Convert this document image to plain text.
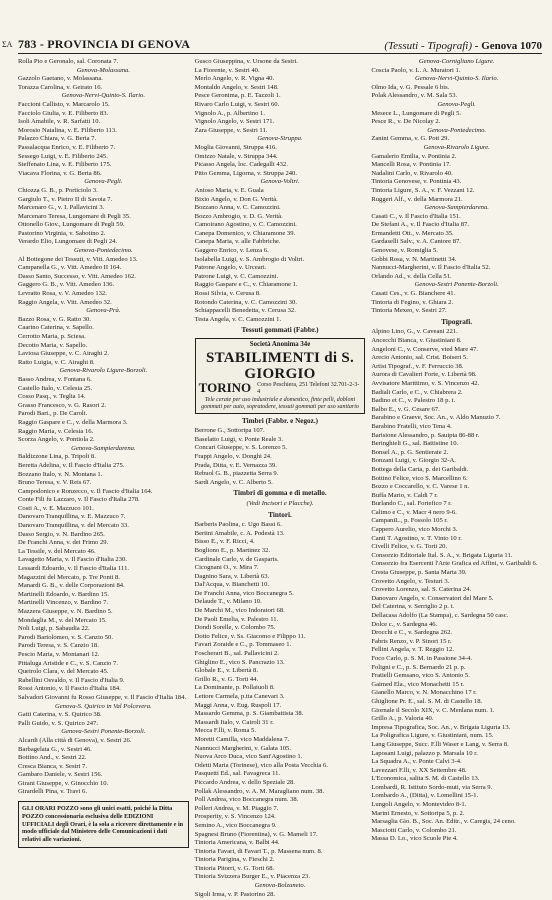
ΣA 783 - PROVINCIA DI GENOVA	(Tessuti - Tipografi) - Genova 1070
Rolla Pio e Geronalo, sal. Coronata 7.
Genova-Molassana.
Gazzolo Gaetano, v. Molassana.
Torazza Carolina, v. Geirato 16.
Genova-Nervi-Quinto-S. Ilario.
Faccioni Callisto, v. Marcarolo 15.
Facciolo Giulia, v. E. Filiberto 83.
Isoli Amabile, v. R. Sarfatti 10.
Morosio Natalina, v. E. Filiberto 113.
Palazzo Chiara, v. G. Berta 7.
Passalacqua Enrico, v. E. Filiberto 7.
Sessego Luigi, v. E. Filiberto 245.
Steffenato Lina, v. E. Filiberto 175.
Viacava Florina, v. G. Berta 86.
Genova-Pegli.
Chiozza G. B., p. Porticiolo 3.
Gargiulo T., v. Pietro II di Savoia 7.
Marcenaro G., v. I. Pallavicini 3.
Marcenaro Teresa, Lungomare di Pegli 35.
Ottonello Giov., Lungomare di Pegli 59.
Pastorino Virginia, v. Sabotino 2.
Verardo Elio, Lungomare di Pegli 24.
Genova-Pontedecimo.
Al Bottegone dei Tessuti, v. Vitt. Amedeo 13.
Campanella G., v. Vitt. Amedeo II 164.
Dasso Santo, Successo, v. Vitt. Amedeo 162.
Gaggero G. B., v. Vitt. Amedeo 136.
Levratto Rosa, v. V. Amedeo 132.
Raggio Angela, v. Vitt. Amedeo 32.
Genova-Prà.
Bazzo Rosa, v. G. Ratto 30.
Caarino Caterina, v. Sapello.
Cerrotto Maria, p. Sciesa.
Decotto Maria, v. Sapello.
Laviosa Giuseppe, v. C. Airaghi 2.
Ratto Luigia, v. C. Airaghi 8.
Genova-Rivarolo Ligure-Borzoli.
Basso Andrea, v. Fontana 6.
Castello Italo, v. Celesia 25.
Cosso Pasq., v. Teglia 14.
Grasso Francesco, v. G. Rasori 2.
Parodi Bart., p. De Caroli.
Raggio Gaspare e C., v. della Marmora 3.
Raggio Maria, v. Celesia 16.
Scorza Angelo, v. Pontiola 2.
Genova-Sampierdarena.
Baldizzone Lina, p. Tripoli 8.
Beretta Adelina, v. Il Fascio d'Italia 275.
Bozzano Italo, v. N. Montana 1.
Bruno Teresa, v. V. Reis 67.
Campodonico e Ronzecco, v. Il Fascio d'Italia 164.
Conte Fili fu Lazzaro, v. Il Fascio d'Italia 278.
Costi A., v. E. Mazzuco 101.
Danovaro Tranquillina, v. E. Mazzuco 7.
Danovaro Tranquillina, v. del Mercato 33.
Dasso Sergio, v. N. Bardino 265.
De Franchi Anna, v. dei Frimo 29.
La Tessile, v. del Mercato 46.
Lavagetto Maria, v. Il Fascio d'Italia 230.
Lessardi Edoardo, v. Il Fascio d'Italia 111.
Magazzini del Mercato, p. Tre Ponti 8.
Manardi G. B., v. delle Corporazioni 84.
Martinelli Edoardo, v. Bardino 15.
Martinelli Vincenzo, v. Bardino 7.
Mazzera Giuseppe, v. N. Bardino 5.
Mondaglia M., v. del Mercato 15.
Noli Luigi, p. Sabaudia 22.
Parodi Bartolomeo, v. S. Canzio 50.
Parodi Teresa, v. S. Canzio 18.
Pescio Maria, v. Montanari 12.
Pittaluga Aristide e C., v. S. Canzio 7.
Queirolo Clara, v. del Mercato 45.
Rabellini Osvaldo, v. Il Fascio d'Italia 9.
Rossi Antonio, v. Il Fascio d'Italia 184.
Salvadori Giovanni fu Rosso Giuseppe, v. Il Fascio d'Italia 184.
Genova-S. Quirico in Val Polcevera.
Gatti Caterina, v. S. Quirico 38.
Palli Guido, v. S. Quirico 247.
Genova-Sestri Ponente-Borzoli.
Alcardi (Alla città di Genova), v. Sestri 26.
Barbagelata G., v. Sestri 46.
Bottino And., v. Sestri 22.
Cresca Bianca, v. Sestri 7.
Gambaro Daniele, v. Sestri 156.
Girani Giuseppe, v. Ginocchio 10.
Girardelli Pina, v. Travi 6.
GLI ORARI POZZO sono gli unici esatti, poiché la Ditta POZZO concessionaria esclusiva delle EDIZIONI UFFICIALI degli Orari, è la sola a ricevere direttamente e in modo ufficiale dal Ministero delle Comunicazioni i dati relativi alle variazioni.
Gusco Giuseppina, v. Ursone da Sestri.
La Fiorente, v. Sestri 40.
Merlo Angelo, v. R. Vigna 40.
Montaldo Angelo, v. Sestri 148.
Pesce Geronima, p. E. Tazzoli 1.
Rivaro Carlo Luigi, v. Sestri 60.
Vignolo A., p. Albertino 1.
Vignolo Angelo, v. Sestri 171.
Zara Giuseppe, v. Sestri 11.
Genova-Struppa.
Moglia Giovanni, Struppa 416.
Omizzo Natale, v. Struppa 344.
Picasso Angela, loc. Cadegalli 432.
Pitto Gemma, Ligorna, v. Struppa 240.
Genova-Voltri.
Antoso Maria, v. E. Guala
Bixio Angelo, v. Don G. Verità.
Bozzano Anna, v. C. Camozzini.
Bozzo Ambrogio, v. D. G. Verità.
Camoirano Agostino, v. C. Camozzini.
Canepa Domenico, v. Chiaramone 39.
Canepa Maria, v. alle Fabbriche.
Gaggero Enrico, v. Lenza 6.
Isolabella Luigi, v. S. Ambrogio di Voltri.
Patrone Angelo, v. Urceari.
Patrone Luigi, v. C. Camozzini.
Raggio Gaspare e C., v. Chiaramone 1.
Rossi Silvia, v. Cerusa 8.
Rotondo Caterina, v. C. Camozzini 30.
Schiappacelli Benedetta, v. Cerusa 32.
Testa Angela, v. C. Camozzini 1.
Tessuti gommati (Fabbr.)
Società Anonima 34e
STABILIMENTI di S. GIORGIO
TORINO Corso Peschiera, 251 Telefoni 32.701-2-3-4
Tele cerate per uso industriale e domestico, finte pelli, dobloni gommati per auto, sopratodere, tessuti gommati per uso sanitario
Timbri (Fabbr. e Negoz.)
Berrone G., Sottoripa 107.
Baselatto Luigi, v. Ponte Reale 3.
Concari Giuseppe, v. S. Lorenzo 5.
Frappi Angelo, v. Donghi 24.
Prada, Ditta, v. E. Vernazza 39.
Rebuol G. B., piazzetta Serra 9.
Sardi Angelo, v. C. Alberto 5.
Timbri di gomma e di metallo.
(Vedi Incisori e Placche).
Tintori.
Barberis Paolina, c. Ugo Bassi 6.
Bertini Amabile, c. A. Podestà 13.
Bisso E., v. F. Ricci, 4.
Bogliono E., p. Martinez 32.
Cardinale Carlo, v. de Gasparis.
Cicognani O., v. Mira 7.
Dagnino Sara, v. Libertà 63.
Dal'Acqua, v. Bianchetti 10.
De Franchi Anna, vico Boccanegra 5.
Delaude T., v. Milano 10.
De Marchi M., vico Indoratori 68.
De Paoli Emelia, v. Palestro 11.
Dondi Sorelle, v. Colombo 75.
Dotto Felice, v. Ss. Giacomo e Filippo 11.
Favari Zoraide e C., p. Tommaseo 1.
Foscherari B., sal. Pallavicini 2.
Ghiglino E., vico S. Pancrazio 13.
Globale E., v. Libertà 8.
Grillo R., v. G. Torti 44.
La Dominante, p. Pollaiuoli 8.
Lettore Carmela, p.tta Canevari 3.
Maggi Anna, v. Eug. Ruspoli 17.
Massardo Gemma, p. S. Giambattista 38.
Massardi Italo, v. Cairoli 31 r.
Mecca F.lli, v. Roma 5.
Moretti Camilla, vico Maddalena 7.
Nannucci Margherini, v. Galata 105.
Nuova Arco Duca, vico Sant'Agostino 1.
Odetti Maria (Torinese), vico alla Posta Vecchia 6.
Pasquetti Ed., sal. Favagreca 11.
Piccardo Andrea, v. dello Speziale 28.
Pollak Alessandro, v. A. M. Maragliano num. 38.
Poll Andrea, vico Boccanegra num. 38.
Polleri Andrea, v. M. Piaggio 7.
Prosperity, v. S. Vincenzo 124.
Semino A., vico Boccanegra 9.
Spagnesi Bruno (Fiorentina), v. G. Mameli 17.
Tintoria Americana, v. Balbi 44.
Tintoria Favari, di Favari T., p. Massena num. 8.
Tintoria Parigina, v. Fieschi 2.
Tintoria Pitorri, v. G. Torti 68.
Tintoria Svizzera Burger E., v. Piacenza 23.
Genova-Bolzaneto.
Sigoli Irma, v. P. Pastorino 28.
Genova-Cornigliano Ligure.
Coscia Paolo, v. L. A. Muratori 1.
Genova-Nervi-Quinto-S. Ilario.
Olmo Ida, v. G. Pessale 6 bis.
Polak Alessandro, v. M. Sala 53.
Genova-Pegli.
Mesece L., Lungomare di Pegli 5.
Pesce R., v. De Nicolay 2.
Genova-Pontedecimo.
Zanini Gemma, v. G. Pott 29.
Genova-Rivarolo Ligure.
Gamalerio Emilia, v. Pontinia 2.
Mancelli Rosa, v. Pontinia 17.
Nadalini Carlo, v. Rivarolo 40.
Tintoria Genovese, v. Pontinia 43.
Tintoria Ligure, S. A., v. F. Vezzani 12.
Ruggeri Alf., v. della Marmora 21.
Genova-Sampierdarena.
Casati C., v. Il Fascio d'Italia 151.
De Stefani A., v. Il Fascio d'Italia 87.
Ermandetti Ott., v. Mercato 35.
Gardaselli Salv., v. A. Cantore 87.
Genovese, v. Romiglia 5.
Gobbi Rosa, v. N. Martinetti 34.
Nannucci-Margherini, v. Il Fascio d'Italia 52.
Orlando Ad., v. della Cella 51.
Genova-Sestri Ponente-Borzoli.
Casati Ces., v. G. Bianchere 41.
Tintoria di Fegino, v. Ghiara 2.
Tintoria Mexeo, v. Sestri 27.
Tipografi.
Alpino Lino, G., v. Caveani 221.
Ancecchi Bianca, v. Giustiniani 8.
Angeloni C., v. Conserve, vied Mare 47.
Arecio Antonio, sal. Crist. Boiseri 5.
Artist Tipograf., v. F. Ferruccio 38.
Aurora di Cavalieri Forte, v. Libertà 98.
Avvisatore Marittimo, v. S. Vincenzo 42.
Badiali Carlo, e C., v. Chiabrera 2.
Badino et C., v. Palestro 18 p. t.
Balbo E., v. G. Cesare 67.
Barabino e Graeve, Soc. An., v. Aldo Manuzio 7.
Barabino Fratelli, vico Tena 4.
Barisione Alessandro, p. Sauipta 86-88 r.
Beringhieli G., sal. Battistine 10.
Bonsel A., p. G. Sentierate 2.
Bonzani Luigi, v. Giorgio 32-A.
Bottega della Carta, p. dei Garibaldi.
Bottino Felice, vico S. Marcellino 6.
Bozzo e Coccarello, v. C. Varese 1 n.
Buffa Mario, v. Caldi 7 r.
Burlando C., sal. Fortefico 7 r.
Calimo e C., v. Macr 4 nero 9-6.
CampaniL., p. Fossolo 105 r.
Cappero Aurelio, vico Morchi 3.
Canti T. Agostino, v. T. Vinto 10 r.
Civelli Felice, v. G. Torti 20.
Consorzio Editoriale Ital. S. A., v. Brigata Liguria 11.
Consorzio fra Esercenti l'Arte Grafica ed Affini, v. Garibaldi 6.
Cresta Giuseppe, p. Santa Marta 39.
Crovetto Angelo, v. Testuri 3.
Crovetto Lorenzo, sal. S. Caterina 24.
Danovaro Angelo, v. Conservatori del Mare 5.
Del Caterina, v. Serriglio 2 p. t.
Dellacasa Adolfo (La Stampa), c. Sardegna 50 casc.
Dolce c., v. Sardegna 46.
Drocchi e C., v. Sardegna 262.
Fabris Renzo, v. P. Sinori 15 r.
Fellini Angela, v. T. Reggio 12.
Foco Carlo, p. S. M. in Passione 34-4.
Foligni e C., p. S. Bernardo 21 p. p.
Fratielli Gemsano, vico S. Antonio 5.
Gaimed Ela., vico Monachetti 15 r.
Gianello Marco, v. N. Monacchino 17 r.
Ghiglione Pr. E., sal. S. M. di Castello 18.
Giornale il Secolo XIX, v. C. Menlana num. 1.
Grillo A., p. Valoria 40.
Impresa Tipografica, Soc. An., v. Brigata Liguria 13.
La Poligrafica Ligure, v. Giustiniani, num. 15.
Lang Giuseppe, Succ. F.lli Waser e Lang, v. Serra 8.
Laposani Luigi, palazzo p. Marsala 10 r.
La Squadra A., v. Ponte Calvi 3-4.
Lavezzari F.lli, v. XX Settembre 48.
L'Economica, salita S. M. di Castello 13.
Lombardi, R. Istituto Sordo-muti, via Serra 9.
Lombardo A., (Ditta), v. Lomellini 15-1.
Lungoli Angelo, v. Montevideo 8-1.
Marini Ernesto, v. Sottoripa 5, p. 2.
Marsaglia Gio. B., Soc. An. Editr., v. Caregis, 24 ceno.
Masciotti Carlo, v. Colombo 21.
Massa D. Lo., vico Scuole Pie 4.
